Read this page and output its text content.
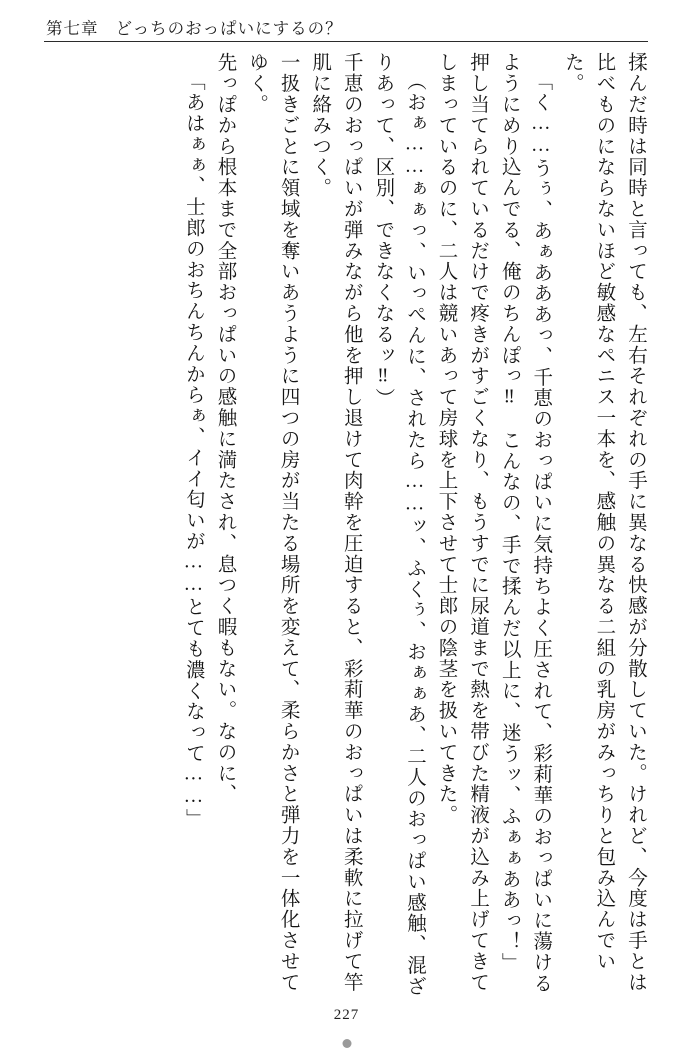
第七章 どっちのおっぱいにするの？

揉んだ時は同時と言っても、左右それぞれの手に異なる快感が分散していた。けれど、今度は手とは比べものにならないほど敏感なペニス一本を、感触の異なる二組の乳房がみっちりと包み込んでいた。

「く……うぅ、あぁあああっ、千恵のおっぱいに気持ちよく圧されて、彩莉華のおっぱいに蕩けるようにめり込んでる、俺のちんぽっ‼　こんなの、手で揉んだ以上に、迷うッ、ふぁぁああっ！」

押し当てられているだけで疼きがすごくなり、もうすでに尿道まで熱を帯びた精液が込み上げてきてしまっているのに、二人は競いあって房球を上下させて士郎の陰茎を扱いてきた。

（おぁ……ぁぁっ、いっぺんに、されたら……ッ、ふくぅ、おぁぁあ、二人のおっぱい感触、混ざりあって、区別、できなくなるッ‼）

千恵のおっぱいが弾みながら他を押し退けて肉幹を圧迫すると、彩莉華のおっぱいは柔軟に拉げて竿肌に絡みつく。

一扱きごとに領域を奪いあうように四つの房が当たる場所を変えて、柔らかさと弾力を一体化させてゆく。

先っぽから根本まで全部おっぱいの感触に満たされ、息つく暇もない。なのに、

「あはぁぁ、士郎のおちんちんからぁ、イイ匂いが……とても濃くなって……」

227
